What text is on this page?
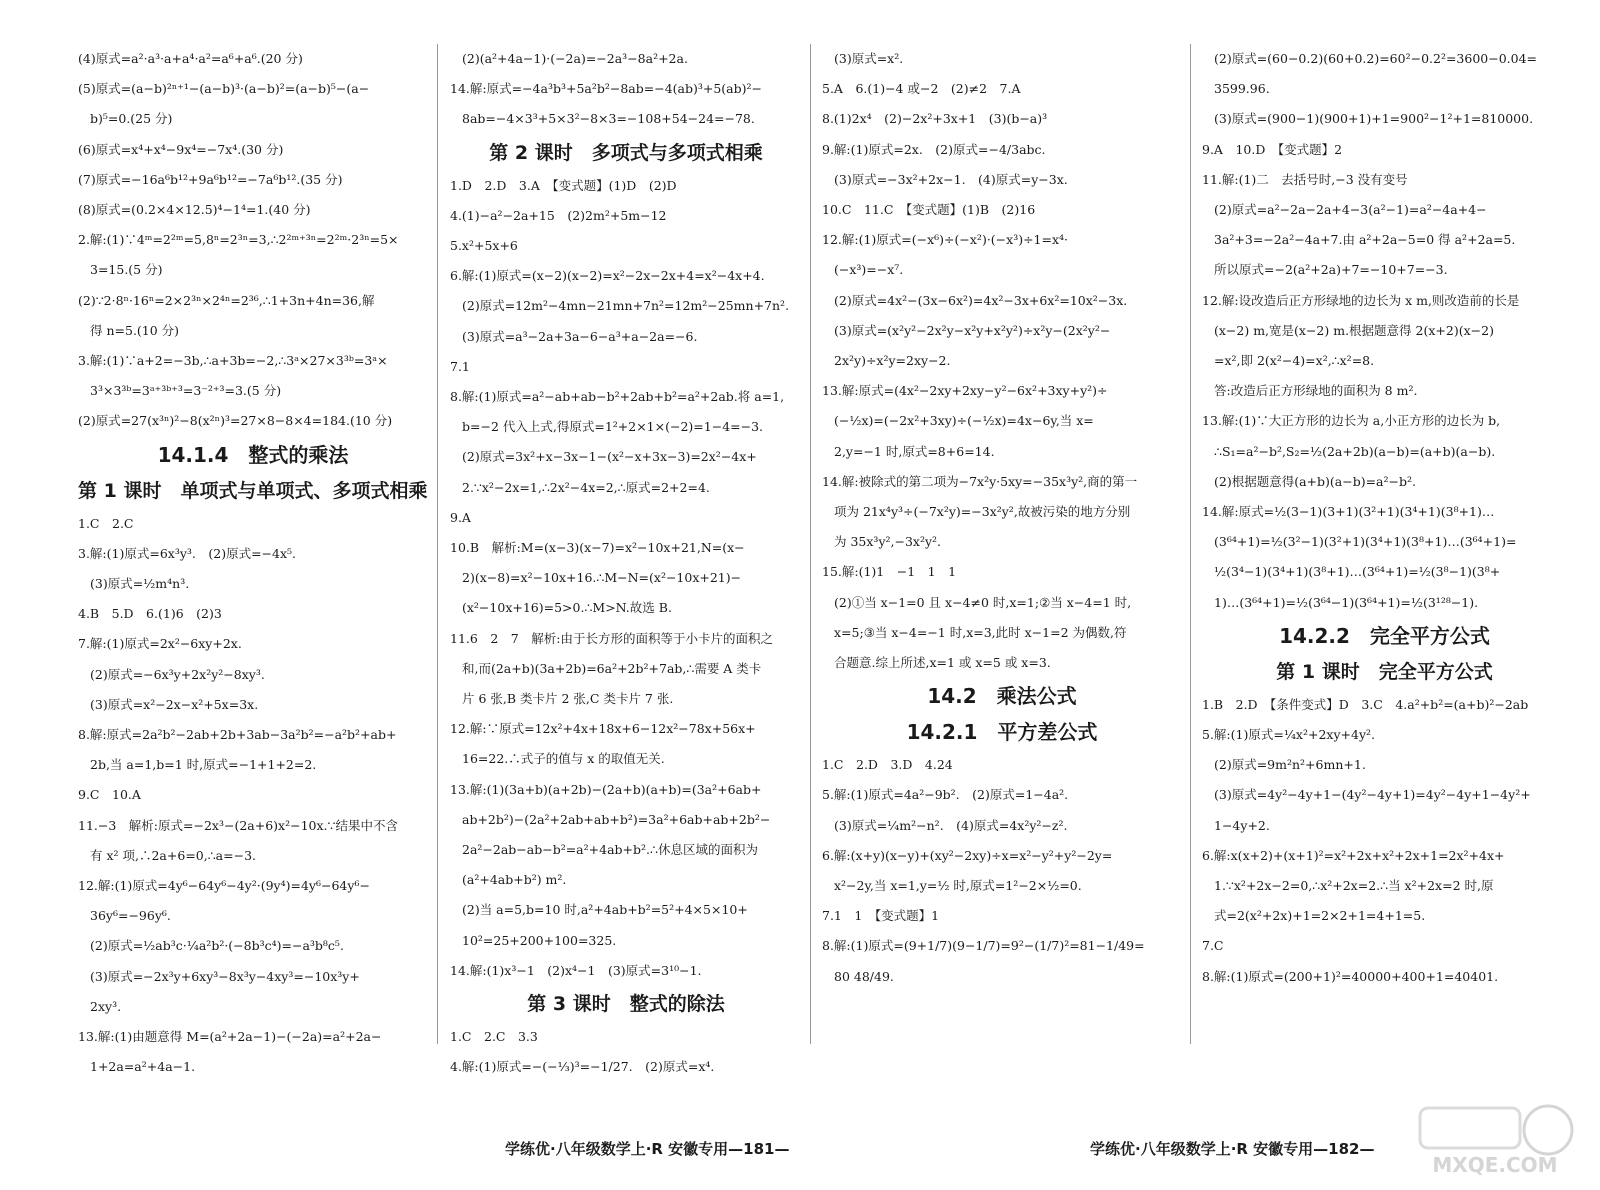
(4)原式=a²·a³·a+a⁴·a²=a⁶+a⁶.(20 分)
(5)原式=(a−b)²ⁿ⁺¹−(a−b)³·(a−b)²=(a−b)⁵−(a−
b)⁵=0.(25 分)
(6)原式=x⁴+x⁴−9x⁴=−7x⁴.(30 分)
(7)原式=−16a⁶b¹²+9a⁶b¹²=−7a⁶b¹².(35 分)
(8)原式=(0.2×4×12.5)⁴−1⁴=1.(40 分)
2.解:(1)∵4ᵐ=2²ᵐ=5,8ⁿ=2³ⁿ=3,∴2²ᵐ⁺³ⁿ=2²ᵐ·2³ⁿ=5×
3=15.(5 分)
(2)∵2·8ⁿ·16ⁿ=2×2³ⁿ×2⁴ⁿ=2³⁶,∴1+3n+4n=36,解
得 n=5.(10 分)
3.解:(1)∵a+2=−3b,∴a+3b=−2,∴3ᵃ×27×3³ᵇ=3ᵃ×
3³×3³ᵇ=3ᵃ⁺³ᵇ⁺³=3⁻²⁺³=3.(5 分)
(2)原式=27(x³ⁿ)²−8(x²ⁿ)³=27×8−8×4=184.(10 分)
14.1.4　整式的乘法
第 1 课时　单项式与单项式、多项式相乘
1.C　2.C
3.解:(1)原式=6x³y³.　(2)原式=−4x⁵.
(3)原式=½m⁴n³.
4.B　5.D　6.(1)6　(2)3
7.解:(1)原式=2x²−6xy+2x.
(2)原式=−6x³y+2x²y²−8xy³.
(3)原式=x²−2x−x²+5x=3x.
8.解:原式=2a²b²−2ab+2b+3ab−3a²b²=−a²b²+ab+
2b,当 a=1,b=1 时,原式=−1+1+2=2.
9.C　10.A
11.−3　解析:原式=−2x³−(2a+6)x²−10x.∵结果中不含
有 x² 项,∴2a+6=0,∴a=−3.
12.解:(1)原式=4y⁶−64y⁶−4y²·(9y⁴)=4y⁶−64y⁶−
36y⁶=−96y⁶.
(2)原式=½ab³c·¼a²b²·(−8b³c⁴)=−a³b⁸c⁵.
(3)原式=−2x³y+6xy³−8x³y−4xy³=−10x³y+
2xy³.
13.解:(1)由题意得 M=(a²+2a−1)−(−2a)=a²+2a−
1+2a=a²+4a−1.
(2)(a²+4a−1)·(−2a)=−2a³−8a²+2a.
14.解:原式=−4a³b³+5a²b²−8ab=−4(ab)³+5(ab)²−
8ab=−4×3³+5×3²−8×3=−108+54−24=−78.
第 2 课时　多项式与多项式相乘
1.D　2.D　3.A　【变式题】(1)D　(2)D
4.(1)−a²−2a+15　(2)2m²+5m−12
5.x²+5x+6
6.解:(1)原式=(x−2)(x−2)=x²−2x−2x+4=x²−4x+4.
(2)原式=12m²−4mn−21mn+7n²=12m²−25mn+7n².
(3)原式=a³−2a+3a−6−a³+a−2a=−6.
7.1
8.解:(1)原式=a²−ab+ab−b²+2ab+b²=a²+2ab.将 a=1,
b=−2 代入上式,得原式=1²+2×1×(−2)=1−4=−3.
(2)原式=3x²+x−3x−1−(x²−x+3x−3)=2x²−4x+
2.∵x²−2x=1,∴2x²−4x=2,∴原式=2+2=4.
9.A
10.B　解析:M=(x−3)(x−7)=x²−10x+21,N=(x−
2)(x−8)=x²−10x+16.∴M−N=(x²−10x+21)−
(x²−10x+16)=5>0.∴M>N.故选 B.
11.6　2　7　解析:由于长方形的面积等于小卡片的面积之
和,而(2a+b)(3a+2b)=6a²+2b²+7ab,∴需要 A 类卡
片 6 张,B 类卡片 2 张,C 类卡片 7 张.
12.解:∵原式=12x²+4x+18x+6−12x²−78x+56x+
16=22.∴式子的值与 x 的取值无关.
13.解:(1)(3a+b)(a+2b)−(2a+b)(a+b)=(3a²+6ab+
ab+2b²)−(2a²+2ab+ab+b²)=3a²+6ab+ab+2b²−
2a²−2ab−ab−b²=a²+4ab+b².∴休息区域的面积为
(a²+4ab+b²) m².
(2)当 a=5,b=10 时,a²+4ab+b²=5²+4×5×10+
10²=25+200+100=325.
14.解:(1)x³−1　(2)x⁴−1　(3)原式=3¹⁰−1.
第 3 课时　整式的除法
1.C　2.C　3.3
4.解:(1)原式=−(−⅓)³=−1/27.　(2)原式=x⁴.
(3)原式=x².
5.A　6.(1)−4 或−2　(2)≠2　7.A
8.(1)2x⁴　(2)−2x²+3x+1　(3)(b−a)³
9.解:(1)原式=2x.　(2)原式=−4/3abc.
(3)原式=−3x²+2x−1.　(4)原式=y−3x.
10.C　11.C　【变式题】(1)B　(2)16
12.解:(1)原式=(−x⁶)÷(−x²)·(−x³)÷1=x⁴·
(−x³)=−x⁷.
(2)原式=4x²−(3x−6x²)=4x²−3x+6x²=10x²−3x.
(3)原式=(x²y²−2x²y−x²y+x²y²)÷x²y−(2x²y²−
2x²y)÷x²y=2xy−2.
13.解:原式=(4x²−2xy+2xy−y²−6x²+3xy+y²)÷
(−½x)=(−2x²+3xy)÷(−½x)=4x−6y,当 x=
2,y=−1 时,原式=8+6=14.
14.解:被除式的第二项为−7x²y·5xy=−35x³y²,商的第一
项为 21x⁴y³÷(−7x²y)=−3x²y²,故被污染的地方分别
为 35x³y²,−3x²y².
15.解:(1)1　−1　1　1
(2)①当 x−1=0 且 x−4≠0 时,x=1;②当 x−4=1 时,
x=5;③当 x−4=−1 时,x=3,此时 x−1=2 为偶数,符
合题意.综上所述,x=1 或 x=5 或 x=3.
14.2　乘法公式
14.2.1　平方差公式
1.C　2.D　3.D　4.24
5.解:(1)原式=4a²−9b².　(2)原式=1−4a².
(3)原式=¼m²−n².　(4)原式=4x²y²−z².
6.解:(x+y)(x−y)+(xy²−2xy)÷x=x²−y²+y²−2y=
x²−2y,当 x=1,y=½ 时,原式=1²−2×½=0.
7.1　1　【变式题】1
8.解:(1)原式=(9+1/7)(9−1/7)=9²−(1/7)²=81−1/49=
80 48/49.
(2)原式=(60−0.2)(60+0.2)=60²−0.2²=3600−0.04=
3599.96.
(3)原式=(900−1)(900+1)+1=900²−1²+1=810000.
9.A　10.D　【变式题】2
11.解:(1)二　去括号时,−3 没有变号
(2)原式=a²−2a−2a+4−3(a²−1)=a²−4a+4−
3a²+3=−2a²−4a+7.由 a²+2a−5=0 得 a²+2a=5.
所以原式=−2(a²+2a)+7=−10+7=−3.
12.解:设改造后正方形绿地的边长为 x m,则改造前的长是
(x−2) m,宽是(x−2) m.根据题意得 2(x+2)(x−2)
=x²,即 2(x²−4)=x²,∴x²=8.
答:改造后正方形绿地的面积为 8 m².
13.解:(1)∵大正方形的边长为 a,小正方形的边长为 b,
∴S₁=a²−b²,S₂=½(2a+2b)(a−b)=(a+b)(a−b).
(2)根据题意得(a+b)(a−b)=a²−b².
14.解:原式=½(3−1)(3+1)(3²+1)(3⁴+1)(3⁸+1)…
(3⁶⁴+1)=½(3²−1)(3²+1)(3⁴+1)(3⁸+1)…(3⁶⁴+1)=
½(3⁴−1)(3⁴+1)(3⁸+1)…(3⁶⁴+1)=½(3⁸−1)(3⁸+
1)…(3⁶⁴+1)=½(3⁶⁴−1)(3⁶⁴+1)=½(3¹²⁸−1).
14.2.2　完全平方公式
第 1 课时　完全平方公式
1.B　2.D　【条件变式】D　3.C　4.a²+b²=(a+b)²−2ab
5.解:(1)原式=¼x²+2xy+4y².
(2)原式=9m²n²+6mn+1.
(3)原式=4y²−4y+1−(4y²−4y+1)=4y²−4y+1−4y²+
1−4y+2.
6.解:x(x+2)+(x+1)²=x²+2x+x²+2x+1=2x²+4x+
1.∵x²+2x−2=0,∴x²+2x=2.∴当 x²+2x=2 时,原
式=2(x²+2x)+1=2×2+1=4+1=5.
7.C
8.解:(1)原式=(200+1)²=40000+400+1=40401.
学练优·八年级数学上·R 安徽专用—181—	学练优·八年级数学上·R 安徽专用—182—
MXQE.COM
